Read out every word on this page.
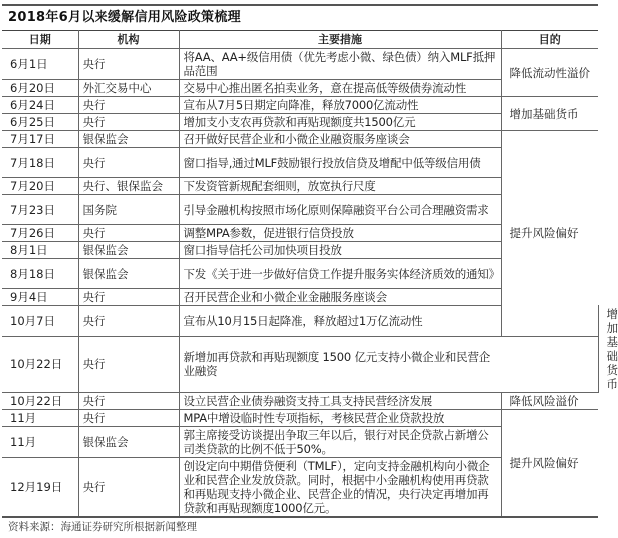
2018年6月以来缓解信用风险政策梳理
日期	机构	主要措施	目的	
6月1日	央行	将AA、AA+级信用债（优先考虑小微、绿色债）纳入MLF抵押品范围	降低流动性溢价	
6月20日	外汇交易中心	交易中心推出匿名拍卖业务，意在提高低等级债券流动性		
6月24日	央行	宣布从7月5日期定向降准，释放7000亿流动性	增加基础货币	
6月25日	央行	增加支小支农再贷款和再贴现额度共1500亿元		
7月17日	银保监会	召开做好民营企业和小微企业融资服务座谈会	提升风险偏好	
7月18日	央行	窗口指导,通过MLF鼓励银行投放信贷及增配中低等级信用债		
7月20日	央行、银保监会	下发资管新规配套细则，放宽执行尺度		
7月23日	国务院	引导金融机构按照市场化原则保障融资平台公司合理融资需求		
7月26日	央行	调整MPA参数，促进银行信贷投放		
8月1日	银保监会	窗口指导信托公司加快项目投放		
8月18日	银保监会	下发《关于进一步做好信贷工作提升服务实体经济质效的通知》		
9月4日	央行	召开民营企业和小微企业金融服务座谈会		
10月7日	央行	宣布从10月15日起降准，释放超过1万亿流动性		增加基础货币
10月22日	央行	新增加再贷款和再贴现额度 1500 亿元支持小微企业和民营企业融资		
10月22日	央行	设立民营企业债券融资支持工具支持民营经济发展	降低风险溢价	
11月	央行	MPA中增设临时性专项指标，考核民营企业贷款投放	提升风险偏好	
11月	银保监会	郭主席接受访谈提出争取三年以后，银行对民企贷款占新增公司类贷款的比例不低于50%。		
12月19日	央行	创设定向中期借贷便利（TMLF），定向支持金融机构向小微企业和民营企业发放贷款。同时，根据中小金融机构使用再贷款和再贴现支持小微企业、民营企业的情况，央行决定再增加再贷款和再贴现额度1000亿元。		
资料来源：海通证券研究所根据新闻整理
